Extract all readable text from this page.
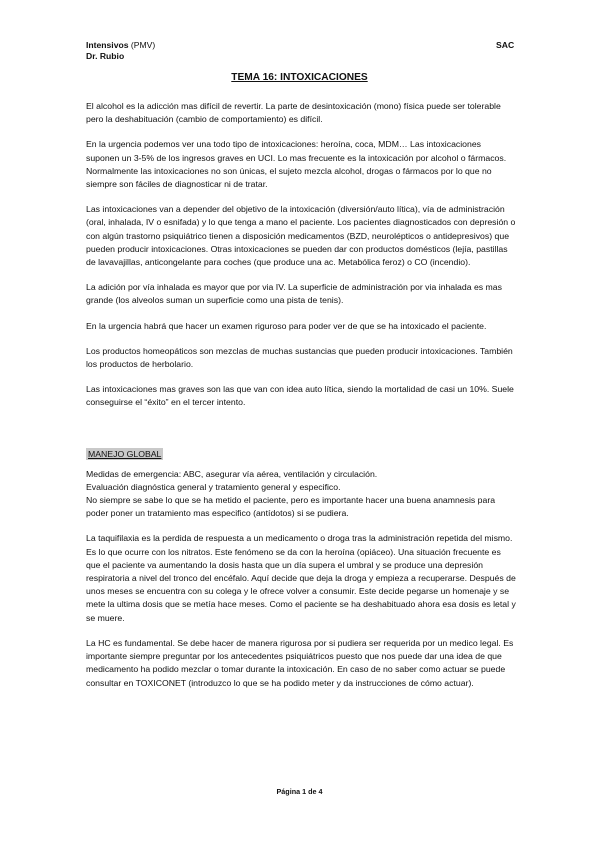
Intensivos (PMV)
Dr. Rubio
SAC
TEMA 16: INTOXICACIONES

El alcohol es la adicción mas difícil de revertir. La parte de desintoxicación (mono) física puede ser tolerable pero la deshabituación (cambio de comportamiento) es difícil.

En la urgencia podemos ver una todo tipo de intoxicaciones: heroína, coca, MDM… Las intoxicaciones suponen un 3-5% de los ingresos graves en UCI. Lo mas frecuente es la intoxicación por alcohol o fármacos. Normalmente las intoxicaciones no son únicas, el sujeto mezcla alcohol, drogas o fármacos por lo que no siempre son fáciles de diagnosticar ni de tratar.

Las intoxicaciones van a depender del objetivo de la intoxicación (diversión/auto lítica), vía de administración (oral, inhalada, IV o esnifada) y lo que tenga a mano el paciente. Los pacientes diagnosticados con depresión o con algún trastorno psiquiátrico tienen a disposición medicamentos (BZD, neurolépticos o antidepresivos) que pueden producir intoxicaciones. Otras intoxicaciones se pueden dar con productos domésticos (lejía, pastillas de lavavajillas, anticongelante para coches (que produce una ac. Metabólica feroz) o CO (incendio).

La adición por vía inhalada es mayor que por via IV. La superficie de administración por via inhalada es mas grande (los alveolos suman un superficie como una pista de tenis).

En la urgencia habrá que hacer un examen riguroso para poder ver de que se ha intoxicado el paciente.

Los productos homeopáticos son mezclas de muchas sustancias que pueden producir intoxicaciones. También los productos de herbolario.

Las intoxicaciones mas graves son las que van con idea auto lítica, siendo la mortalidad de casi un 10%. Suele conseguirse el “éxito” en el tercer intento.

MANEJO GLOBAL

Medidas de emergencia: ABC, asegurar vía aérea, ventilación y circulación.
Evaluación diagnóstica general y tratamiento general y especifico.
No siempre se sabe lo que se ha metido el paciente, pero es importante hacer una buena anamnesis para poder poner un tratamiento mas especifico (antídotos) si se pudiera.

La taquifilaxia es la perdida de respuesta a un medicamento o droga tras la administración repetida del mismo. Es lo que ocurre con los nitratos. Este fenómeno se da con la heroína (opiáceo). Una situación frecuente es que el paciente va aumentando la dosis hasta que un día supera el umbral y se produce una depresión respiratoria a nivel del tronco del encéfalo. Aquí decide que deja la droga y empieza a recuperarse. Después de unos meses se encuentra con su colega y le ofrece volver a consumir. Este decide pegarse un homenaje y se mete la ultima dosis que se metía hace meses. Como el paciente se ha deshabituado ahora esa dosis es letal y se muere.

La HC es fundamental. Se debe hacer de manera rigurosa por si pudiera ser requerida por un medico legal. Es importante siempre preguntar por los antecedentes psiquiátricos puesto que nos puede dar una idea de que medicamento ha podido mezclar o tomar durante la intoxicación. En caso de no saber como actuar se puede consultar en TOXICONET (introduzco lo que se ha podido meter y da instrucciones de cómo actuar).

Página 1 de 4
